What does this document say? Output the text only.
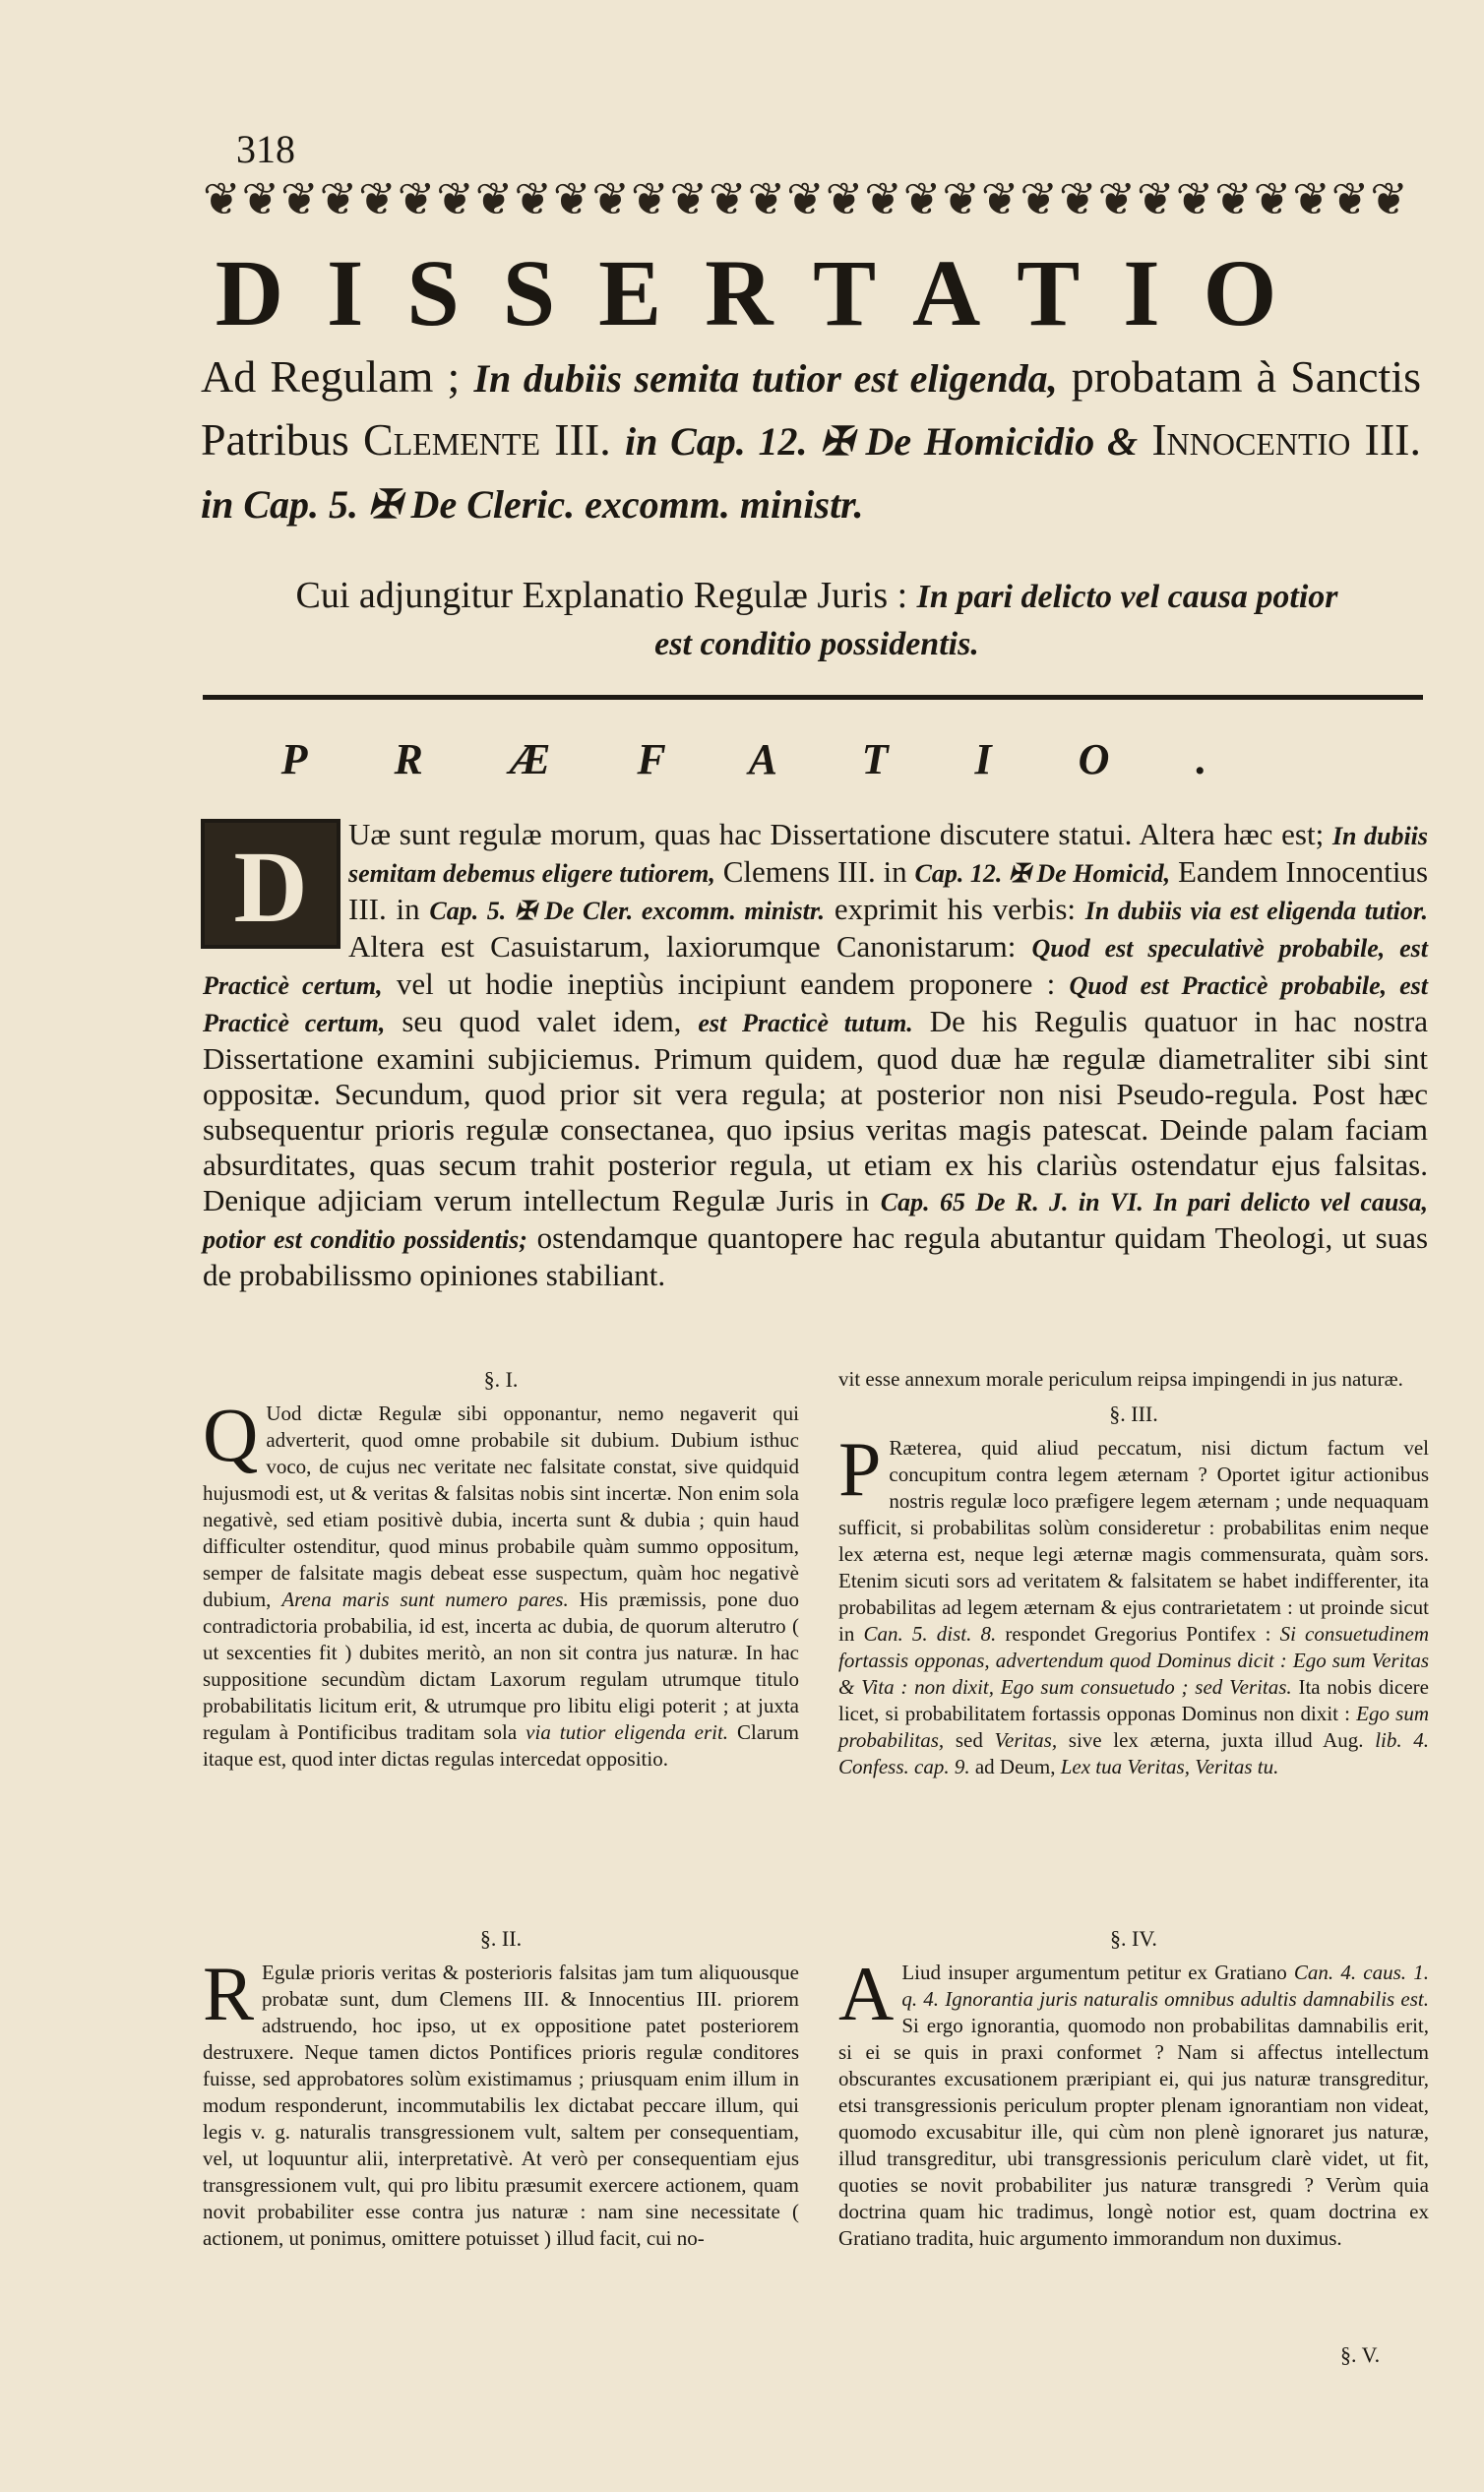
318
❦❦❦❦❦❦❦❦❦❦❦❦❦❦❦❦❦❦❦❦❦❦❦❦❦❦❦❦❦❦❦
DISSERTATIO
Ad Regulam ; In dubiis semita tutior est eligenda, probatam à Sanctis Patribus Clemente III. in Cap. 12. ✠ De Homicidio & Innocentio III. in Cap. 5. ✠ De Cleric. excomm. ministr.
Cui adjungitur Explanatio Regulæ Juris : In pari delicto vel causa potior est conditio possidentis.
PRÆFATIO.
D	Uæ sunt regulæ morum, quas hac Dissertatione discutere statui. Altera hæc est; In dubiis semitam debemus eligere tutiorem, Clemens III. in Cap. 12. ✠ De Homicid, Eandem Innocentius III. in Cap. 5. ✠ De Cler. excomm. ministr. exprimit his verbis: In dubiis via est eligenda tutior. Altera est Casuistarum, laxiorumque Canonistarum: Quod est speculativè probabile, est Practicè certum, vel ut hodie ineptiùs incipiunt eandem proponere : Quod est Practicè probabile, est Practicè certum, seu quod valet idem, est Practicè tutum. De his Regulis quatuor in hac nostra Dissertatione examini subjiciemus. Primum quidem, quod duæ hæ regulæ diametraliter sibi sint oppositæ. Secundum, quod prior sit vera regula; at posterior non nisi Pseudo-regula. Post hæc subsequentur prioris regulæ consectanea, quo ipsius veritas magis patescat. Deinde palam faciam absurditates, quas secum trahit posterior regula, ut etiam ex his clariùs ostendatur ejus falsitas. Denique adjiciam verum intellectum Regulæ Juris in Cap. 65 De R. J. in VI. In pari delicto vel causa, potior est conditio possidentis; ostendamque quantopere hac regula abutantur quidam Theologi, ut suas de probabilissmo opiniones stabiliant.
§. I.
Q Uod dictæ Regulæ sibi opponantur, nemo negaverit qui adverterit, quod omne probabile sit dubium. Dubium isthuc voco, de cujus nec veritate nec falsitate constat, sive quidquid hujusmodi est, ut & veritas & falsitas nobis sint incertæ. Non enim sola negativè, sed etiam positivè dubia, incerta sunt & dubia ; quin haud difficulter ostenditur, quod minus probabile quàm summo oppositum, semper de falsitate magis debeat esse suspectum, quàm hoc negativè dubium, Arena maris sunt numero pares. His præmissis, pone duo contradictoria probabilia, id est, incerta ac dubia, de quorum alterutro ( ut sexcenties fit ) dubites meritò, an non sit contra jus naturæ. In hac suppositione secundùm dictam Laxorum regulam utrumque titulo probabilitatis licitum erit, & utrumque pro libitu eligi poterit ; at juxta regulam à Pontificibus traditam sola via tutior eligenda erit. Clarum itaque est, quod inter dictas regulas intercedat oppositio.
§. II.
R Egulæ prioris veritas & posterioris falsitas jam tum aliquousque probatæ sunt, dum Clemens III. & Innocentius III. priorem adstruendo, hoc ipso, ut ex oppositione patet posteriorem destruxere. Neque tamen dictos Pontifices prioris regulæ conditores fuisse, sed approbatores solùm existimamus ; priusquam enim illum in modum responderunt, incommutabilis lex dictabat peccare illum, qui legis v. g. naturalis transgressionem vult, saltem per consequentiam, vel, ut loquuntur alii, interpretativè. At verò per consequentiam ejus transgressionem vult, qui pro libitu præsumit exercere actionem, quam novit probabiliter esse contra jus naturæ : nam sine necessitate ( actionem, ut ponimus, omittere potuisset ) illud facit, cui no-
vit esse annexum morale periculum reipsa impingendi in jus naturæ.
§. III.
P Ræterea, quid aliud peccatum, nisi dictum factum vel concupitum contra legem æternam ? Oportet igitur actionibus nostris regulæ loco præfigere legem æternam ; unde nequaquam sufficit, si probabilitas solùm consideretur : probabilitas enim neque lex æterna est, neque legi æternæ magis commensurata, quàm sors. Etenim sicuti sors ad veritatem & falsitatem se habet indifferenter, ita probabilitas ad legem æternam & ejus contrarietatem : ut proinde sicut in Can. 5. dist. 8. respondet Gregorius Pontifex : Si consuetudinem fortassis opponas, advertendum quod Dominus dicit : Ego sum Veritas & Vita : non dixit, Ego sum consuetudo ; sed Veritas. Ita nobis dicere licet, si probabilitatem fortassis opponas Dominus non dixit : Ego sum probabilitas, sed Veritas, sive lex æterna, juxta illud Aug. lib. 4. Confess. cap. 9. ad Deum, Lex tua Veritas, Veritas tu.
§. IV.
A Liud insuper argumentum petitur ex Gratiano Can. 4. caus. 1. q. 4. Ignorantia juris naturalis omnibus adultis damnabilis est. Si ergo ignorantia, quomodo non probabilitas damnabilis erit, si ei se quis in praxi conformet ? Nam si affectus intellectum obscurantes excusationem præripiant ei, qui jus naturæ transgreditur, etsi transgressionis periculum propter plenam ignorantiam non videat, quomodo excusabitur ille, qui cùm non plenè ignoraret jus naturæ, illud transgreditur, ubi transgressionis periculum clarè videt, ut fit, quoties se novit probabiliter jus naturæ transgredi ? Verùm quia doctrina quam hic tradimus, longè notior est, quam doctrina ex Gratiano tradita, huic argumento immorandum non duximus.
§. V.
